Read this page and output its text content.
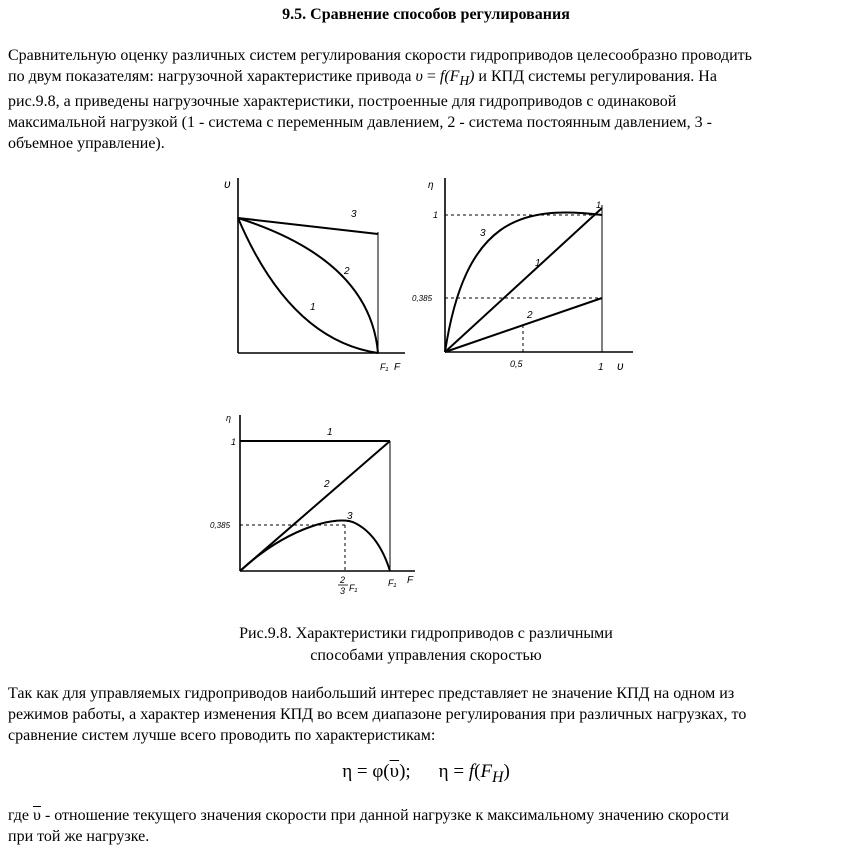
9.5. Сравнение способов регулирования
Сравнительную оценку различных систем регулирования скорости гидроприводов целесообразно проводить
по двум показателям: нагрузочной характеристике привода $\upsilon = f(F_H)$ и КПД системы регулирования. На
рис.9.8, а приведены нагрузочные характеристики, построенные для гидроприводов с одинаковой
максимальной нагрузкой (1 - система с переменным давлением, 2 - система постоянным давлением, 3 -
объемное управление).
υ
F₁ F
1
2
3
η
1
0,385
0,5	1 υ
1
2
3
1
η
1
0,385
2
3 F₁	F₁ F
1
2
3
Рис.9.8. Характеристики гидроприводов с различными
способами управления скоростью
Так как для управляемых гидроприводов наибольший интерес представляет не значение КПД на одном из
режимов работы, а характер изменения КПД во всем диапазоне регулирования при различных нагрузках, то
сравнение систем лучше всего проводить по характеристикам:
$\eta = \varphi(\overline{\upsilon})$; $\eta = f(F_H)$
где $\overline{\upsilon}$ - отношение текущего значения скорости при данной нагрузке к максимальному значению скорости
при той же нагрузке.
